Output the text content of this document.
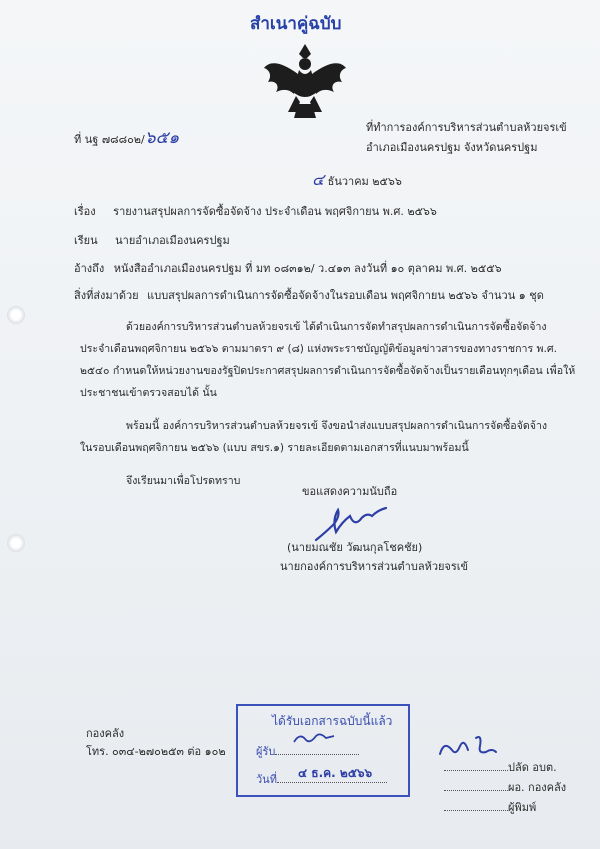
สำเนาคู่ฉบับ
ที่ นฐ ๗๘๘๐๒/๖๕๑
ที่ทำการองค์การบริหารส่วนตำบลห้วยจรเข้
อำเภอเมืองนครปฐม จังหวัดนครปฐม
๔ ธันวาคม ๒๕๖๖
เรื่อง รายงานสรุปผลการจัดซื้อจัดจ้าง ประจำเดือน พฤศจิกายน พ.ศ. ๒๕๖๖
เรียน นายอำเภอเมืองนครปฐม
อ้างถึง หนังสืออำเภอเมืองนครปฐม ที่ มท ๐๘๓๑๒/ ว.๔๑๓ ลงวันที่ ๑๐ ตุลาคม พ.ศ. ๒๕๕๖
สิ่งที่ส่งมาด้วย แบบสรุปผลการดำเนินการจัดซื้อจัดจ้างในรอบเดือน พฤศจิกายน ๒๕๖๖ จำนวน ๑ ชุด
ด้วยองค์การบริหารส่วนตำบลห้วยจรเข้ ได้ดำเนินการจัดทำสรุปผลการดำเนินการจัดซื้อจัดจ้าง
ประจำเดือนพฤศจิกายน ๒๕๖๖ ตามมาตรา ๙ (๘) แห่งพระราชบัญญัติข้อมูลข่าวสารของทางราชการ พ.ศ.
๒๕๔๐ กำหนดให้หน่วยงานของรัฐปิดประกาศสรุปผลการดำเนินการจัดซื้อจัดจ้างเป็นรายเดือนทุกๆเดือน เพื่อให้
ประชาชนเข้าตรวจสอบได้ นั้น
พร้อมนี้ องค์การบริหารส่วนตำบลห้วยจรเข้ จึงขอนำส่งแบบสรุปผลการดำเนินการจัดซื้อจัดจ้าง
ในรอบเดือนพฤศจิกายน ๒๕๖๖ (แบบ สขร.๑) รายละเอียดตามเอกสารที่แนบมาพร้อมนี้
จึงเรียนมาเพื่อโปรดทราบ
ขอแสดงความนับถือ
(นายมณชัย วัฒนกุลโชคชัย)
นายกองค์การบริหารส่วนตำบลห้วยจรเข้
กองคลัง
โทร. ๐๓๔-๒๗๐๒๕๓ ต่อ ๑๐๒
ได้รับเอกสารฉบับนี้แล้ว
ผู้รับ
วันที่	๔ ธ.ค. ๒๕๖๖	ปลัด อบต.
ผอ. กองคลัง
ผู้พิมพ์
